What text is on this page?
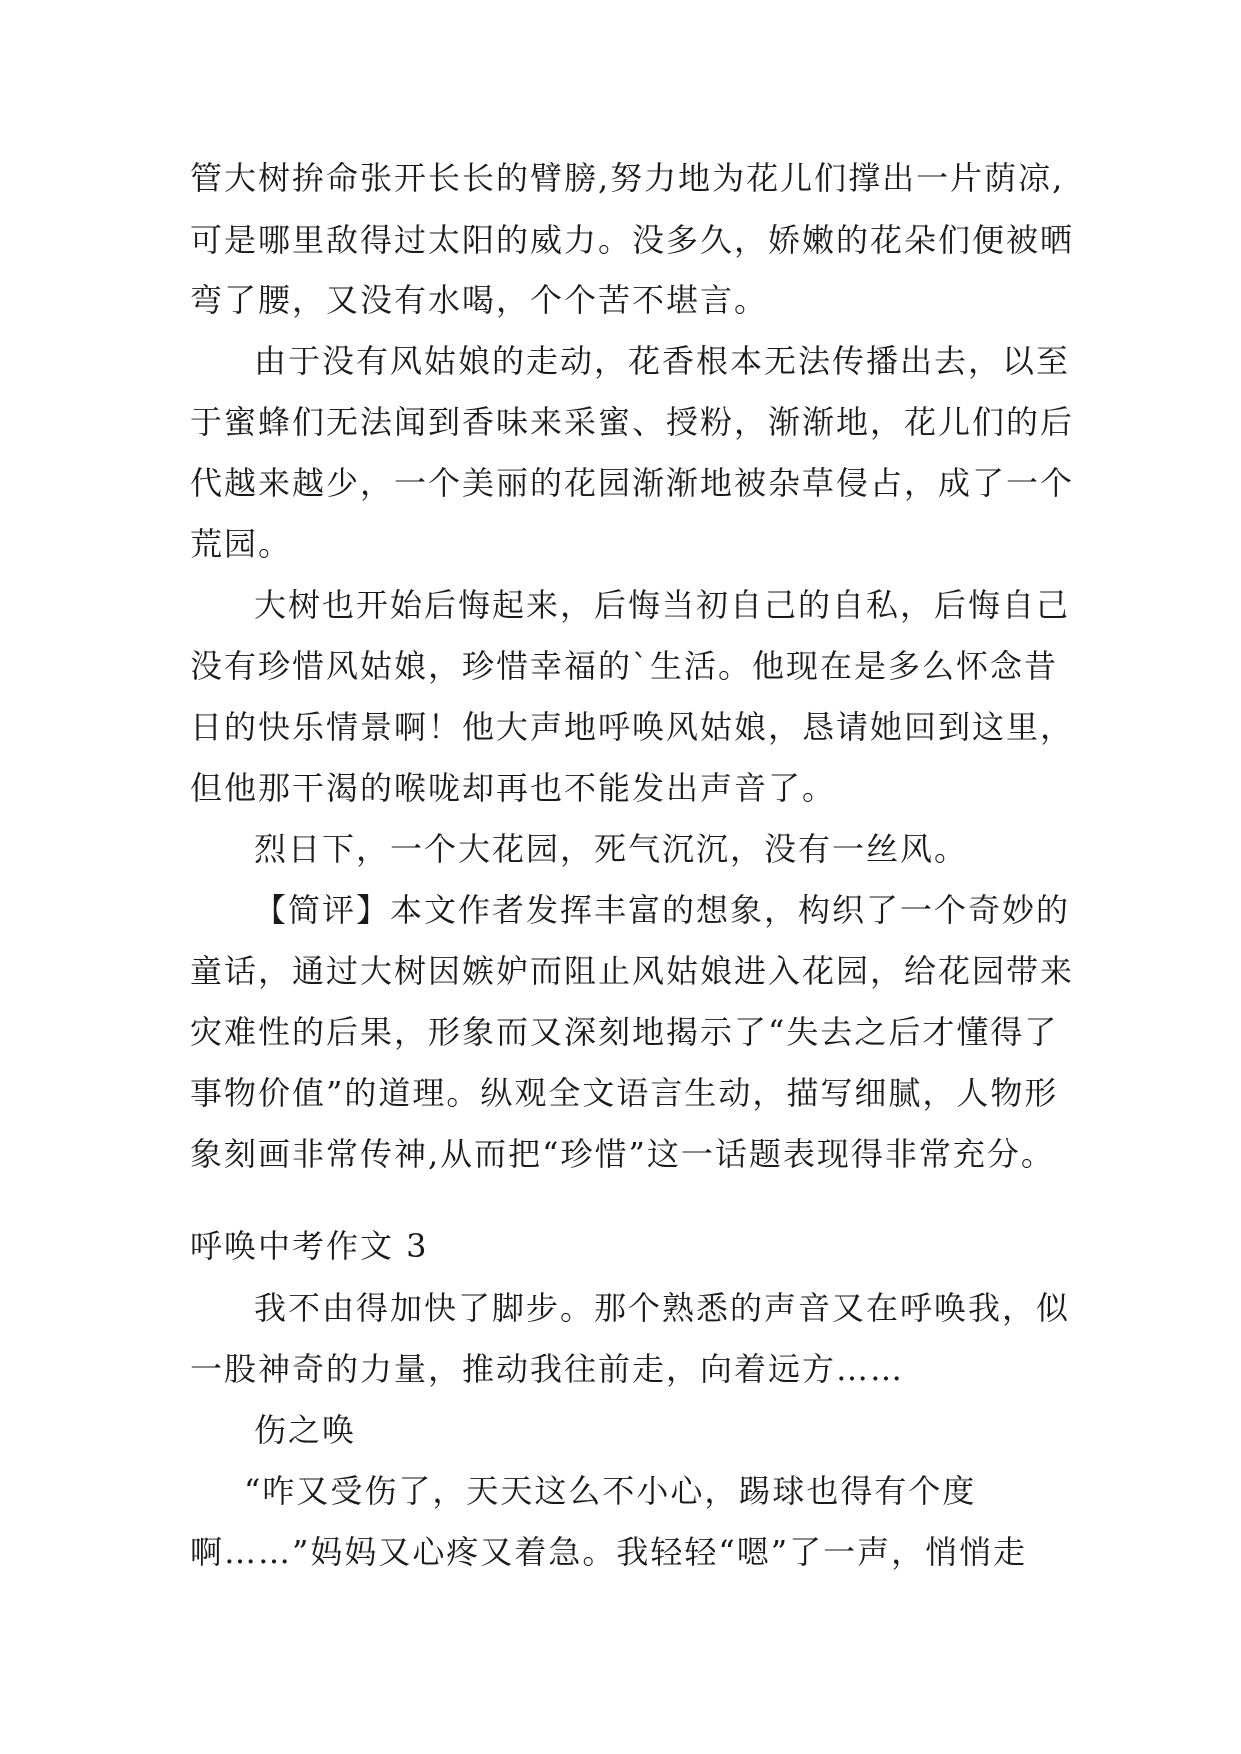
管大树拚命张开长长的臂膀,努力地为花儿们撑出一片荫凉,
可是哪里敌得过太阳的威力。没多久，娇嫩的花朵们便被晒
弯了腰，又没有水喝，个个苦不堪言。
由于没有风姑娘的走动，花香根本无法传播出去，以至
于蜜蜂们无法闻到香味来采蜜、授粉，渐渐地，花儿们的后
代越来越少，一个美丽的花园渐渐地被杂草侵占，成了一个
荒园。
大树也开始后悔起来，后悔当初自己的自私，后悔自己
没有珍惜风姑娘，珍惜幸福的`生活。他现在是多么怀念昔
日的快乐情景啊！他大声地呼唤风姑娘，恳请她回到这里，
但他那干渴的喉咙却再也不能发出声音了。
烈日下，一个大花园，死气沉沉，没有一丝风。
【简评】本文作者发挥丰富的想象，构织了一个奇妙的
童话，通过大树因嫉妒而阻止风姑娘进入花园，给花园带来
灾难性的后果，形象而又深刻地揭示了“失去之后才懂得了
事物价值”的道理。纵观全文语言生动，描写细腻，人物形
象刻画非常传神,从而把“珍惜”这一话题表现得非常充分。
呼唤中考作文 3
我不由得加快了脚步。那个熟悉的声音又在呼唤我，似
一股神奇的力量，推动我往前走，向着远方……
伤之唤
“咋又受伤了，天天这么不小心，踢球也得有个度
啊……”妈妈又心疼又着急。我轻轻“嗯”了一声，悄悄走
